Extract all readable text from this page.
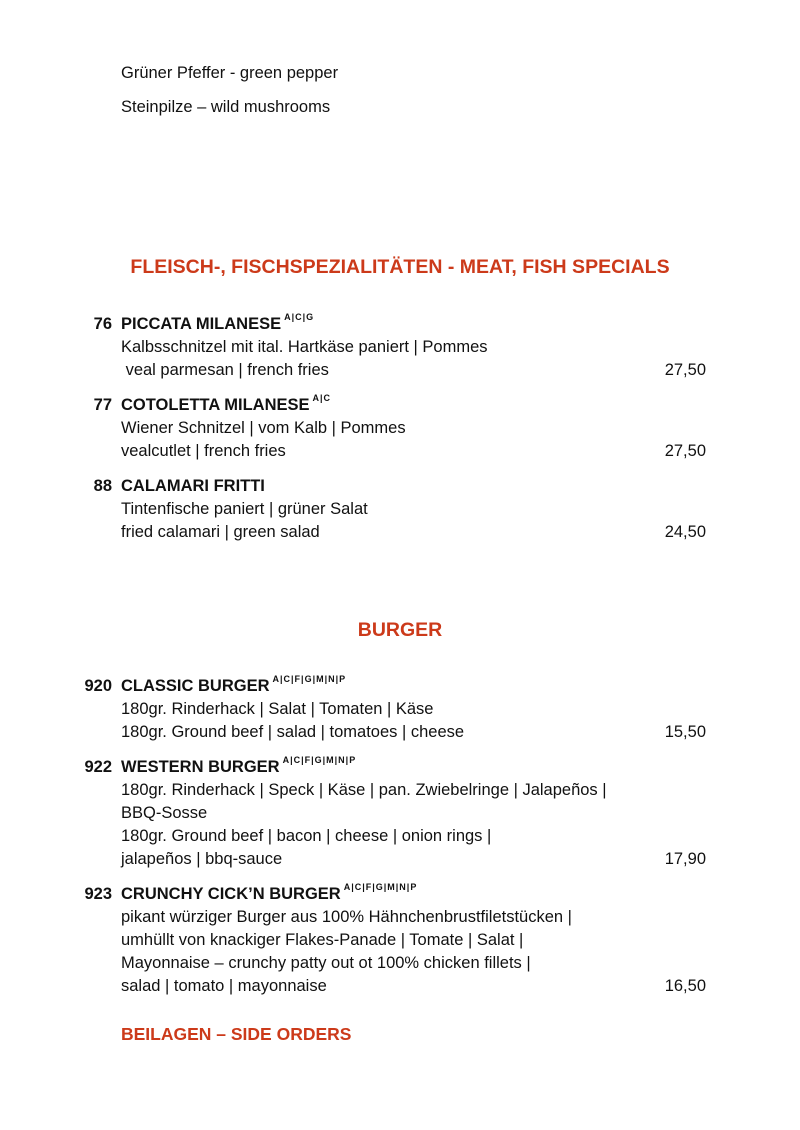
Grüner Pfeffer - green pepper
Steinpilze – wild mushrooms
FLEISCH-, FISCHSPEZIALITÄTEN - MEAT, FISH SPECIALS
76 PICCATA MILANESE $^{A|C|G}$
Kalbsschnitzel mit ital. Hartkäse paniert | Pommes
veal parmesan | french fries	27,50
77 COTOLETTA MILANESE $^{A|C}$
Wiener Schnitzel | vom Kalb | Pommes
vealcutlet | french fries	27,50
88 CALAMARI FRITTI
Tintenfische paniert | grüner Salat
fried calamari | green salad	24,50
BURGER
920 CLASSIC BURGER $^{A|C|F|G|M|N|P}$
180gr. Rinderhack | Salat | Tomaten | Käse
180gr. Ground beef | salad | tomatoes | cheese	15,50
922 WESTERN BURGER $^{A|C|F|G|M|N|P}$
180gr. Rinderhack | Speck | Käse | pan. Zwiebelringe | Jalapeños |
BBQ-Sosse
180gr. Ground beef | bacon | cheese | onion rings |
jalapeños | bbq-sauce	17,90
923 CRUNCHY CICK’N BURGER $^{A|C|F|G|M|N|P}$
pikant würziger Burger aus 100% Hähnchenbrustfiletstücken |
umhüllt von knackiger Flakes-Panade | Tomate | Salat |
Mayonnaise – crunchy patty out ot 100% chicken fillets |
salad | tomato | mayonnaise	16,50
BEILAGEN – SIDE ORDERS
